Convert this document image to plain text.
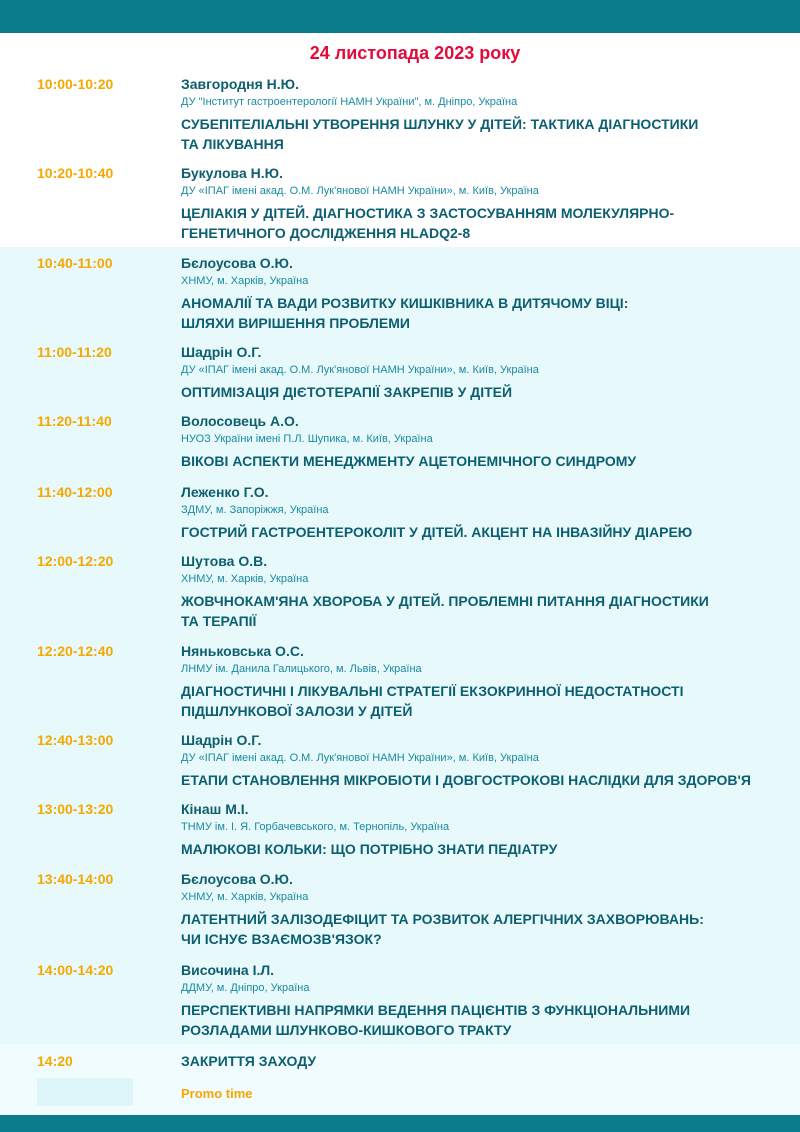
24 листопада 2023 року
10:00-10:20	Завгородня Н.Ю.
ДУ "Інститут гастроентерології НАМН України", м. Дніпро, Україна
СУБЕПІТЕЛІАЛЬНІ УТВОРЕННЯ ШЛУНКУ У ДІТЕЙ: ТАКТИКА ДІАГНОСТИКИ
ТА ЛІКУВАННЯ
10:20-10:40	Букулова Н.Ю.
ДУ «ІПАГ імені акад. О.М. Лук'янової НАМН України», м. Київ, Україна
ЦЕЛІАКІЯ У ДІТЕЙ. ДІАГНОСТИКА З ЗАСТОСУВАННЯМ МОЛЕКУЛЯРНО-
ГЕНЕТИЧНОГО ДОСЛІДЖЕННЯ HLADQ2-8
10:40-11:00	Бєлоусова О.Ю.
ХНМУ, м. Харків, Україна
АНОМАЛІЇ ТА ВАДИ РОЗВИТКУ КИШКІВНИКА В ДИТЯЧОМУ ВІЦІ:
ШЛЯХИ ВИРІШЕННЯ ПРОБЛЕМИ
11:00-11:20	Шадрін О.Г.
ДУ «ІПАГ імені акад. О.М. Лук'янової НАМН України», м. Київ, Україна
ОПТИМІЗАЦІЯ ДІЄТОТЕРАПІЇ ЗАКРЕПІВ У ДІТЕЙ
11:20-11:40	Волосовець А.О.
НУОЗ України імені П.Л. Шупика, м. Київ, Україна
ВІКОВІ АСПЕКТИ МЕНЕДЖМЕНТУ АЦЕТОНЕМІЧНОГО СИНДРОМУ
11:40-12:00	Леженко Г.О.
ЗДМУ, м. Запоріжжя, Україна
ГОСТРИЙ ГАСТРОЕНТЕРОКОЛІТ У ДІТЕЙ. АКЦЕНТ НА ІНВАЗІЙНУ ДІАРЕЮ
12:00-12:20	Шутова О.В.
ХНМУ, м. Харків, Україна
ЖОВЧНОКАМ'ЯНА ХВОРОБА У ДІТЕЙ. ПРОБЛЕМНІ ПИТАННЯ ДІАГНОСТИКИ
ТА ТЕРАПІЇ
12:20-12:40	Няньковська О.С.
ЛНМУ ім. Данила Галицького, м. Львів, Україна
ДІАГНОСТИЧНІ І ЛІКУВАЛЬНІ СТРАТЕГІЇ ЕКЗОКРИННОЇ НЕДОСТАТНОСТІ
ПІДШЛУНКОВОЇ ЗАЛОЗИ У ДІТЕЙ
12:40-13:00	Шадрін О.Г.
ДУ «ІПАГ імені акад. О.М. Лук'янової НАМН України», м. Київ, Україна
ЕТАПИ СТАНОВЛЕННЯ МІКРОБІОТИ І ДОВГОСТРОКОВІ НАСЛІДКИ ДЛЯ ЗДОРОВ'Я
13:00-13:20	Кінаш М.І.
ТНМУ ім. І. Я. Горбачевського, м. Тернопіль, Україна
МАЛЮКОВІ КОЛЬКИ: ЩО ПОТРІБНО ЗНАТИ ПЕДІАТРУ
13:40-14:00	Бєлоусова О.Ю.
ХНМУ, м. Харків, Україна
ЛАТЕНТНИЙ ЗАЛІЗОДЕФІЦИТ ТА РОЗВИТОК АЛЕРГІЧНИХ ЗАХВОРЮВАНЬ:
ЧИ ІСНУЄ ВЗАЄМОЗВ'ЯЗОК?
14:00-14:20	Височина І.Л.
ДДМУ, м. Дніпро, Україна
ПЕРСПЕКТИВНІ НАПРЯМКИ ВЕДЕННЯ ПАЦІЄНТІВ З ФУНКЦІОНАЛЬНИМИ
РОЗЛАДАМИ ШЛУНКОВО-КИШКОВОГО ТРАКТУ
14:20	ЗАКРИТТЯ ЗАХОДУ
Promo time
